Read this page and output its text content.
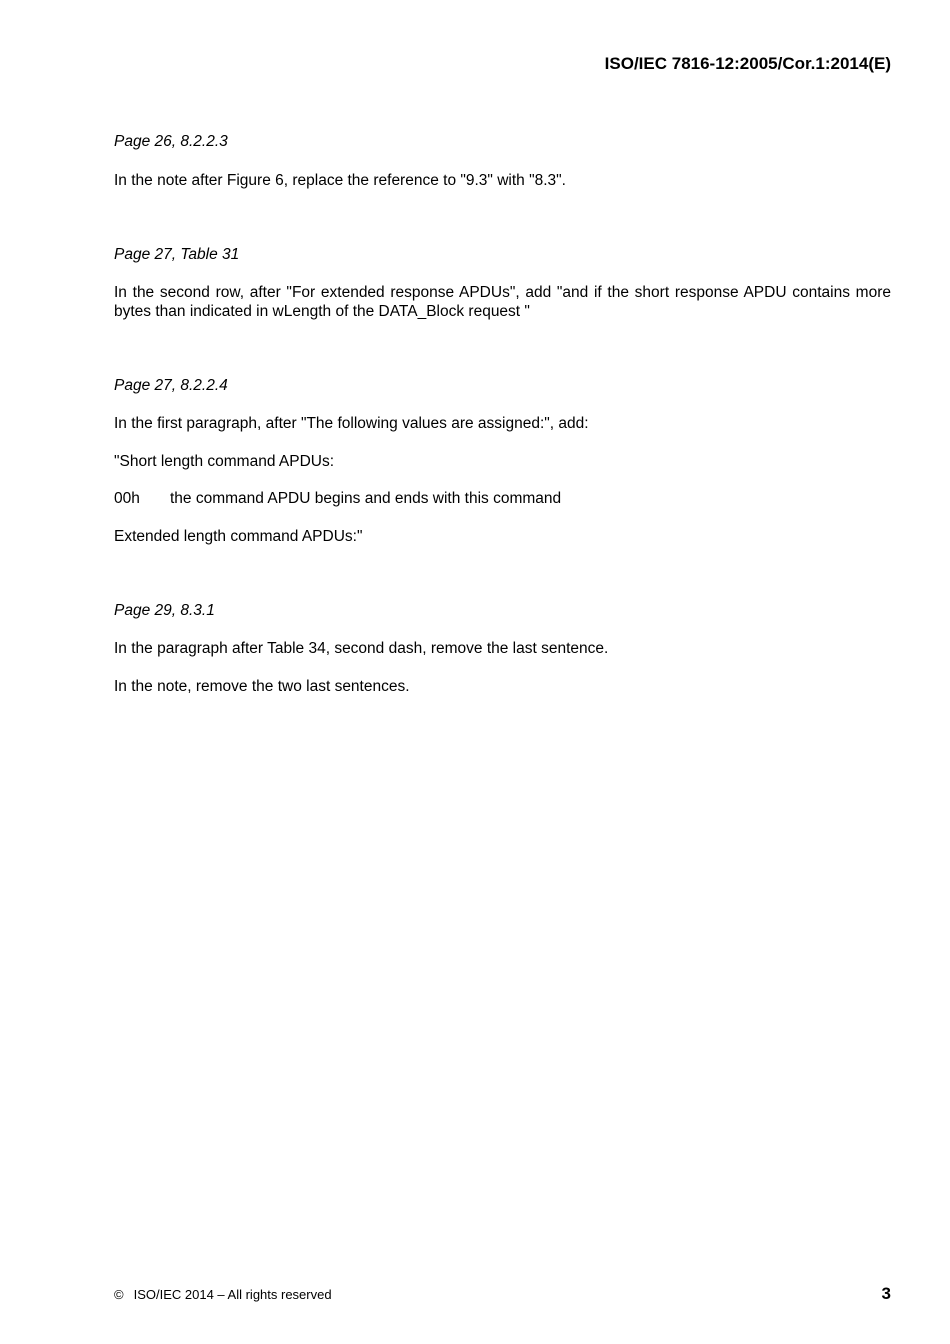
ISO/IEC 7816-12:2005/Cor.1:2014(E)
Page 26, 8.2.2.3
In the note after Figure 6, replace the reference to "9.3" with "8.3".
Page 27, Table 31
In the second row, after "For extended response APDUs", add "and if the short response APDU contains more bytes than indicated in wLength of the DATA_Block request "
Page 27, 8.2.2.4
In the first paragraph, after "The following values are assigned:", add:
"Short length command APDUs:
00h the command APDU begins and ends with this command
Extended length command APDUs:"
Page 29, 8.3.1
In the paragraph after Table 34, second dash, remove the last sentence.
In the note, remove the two last sentences.
© ISO/IEC 2014 – All rights reserved	3
